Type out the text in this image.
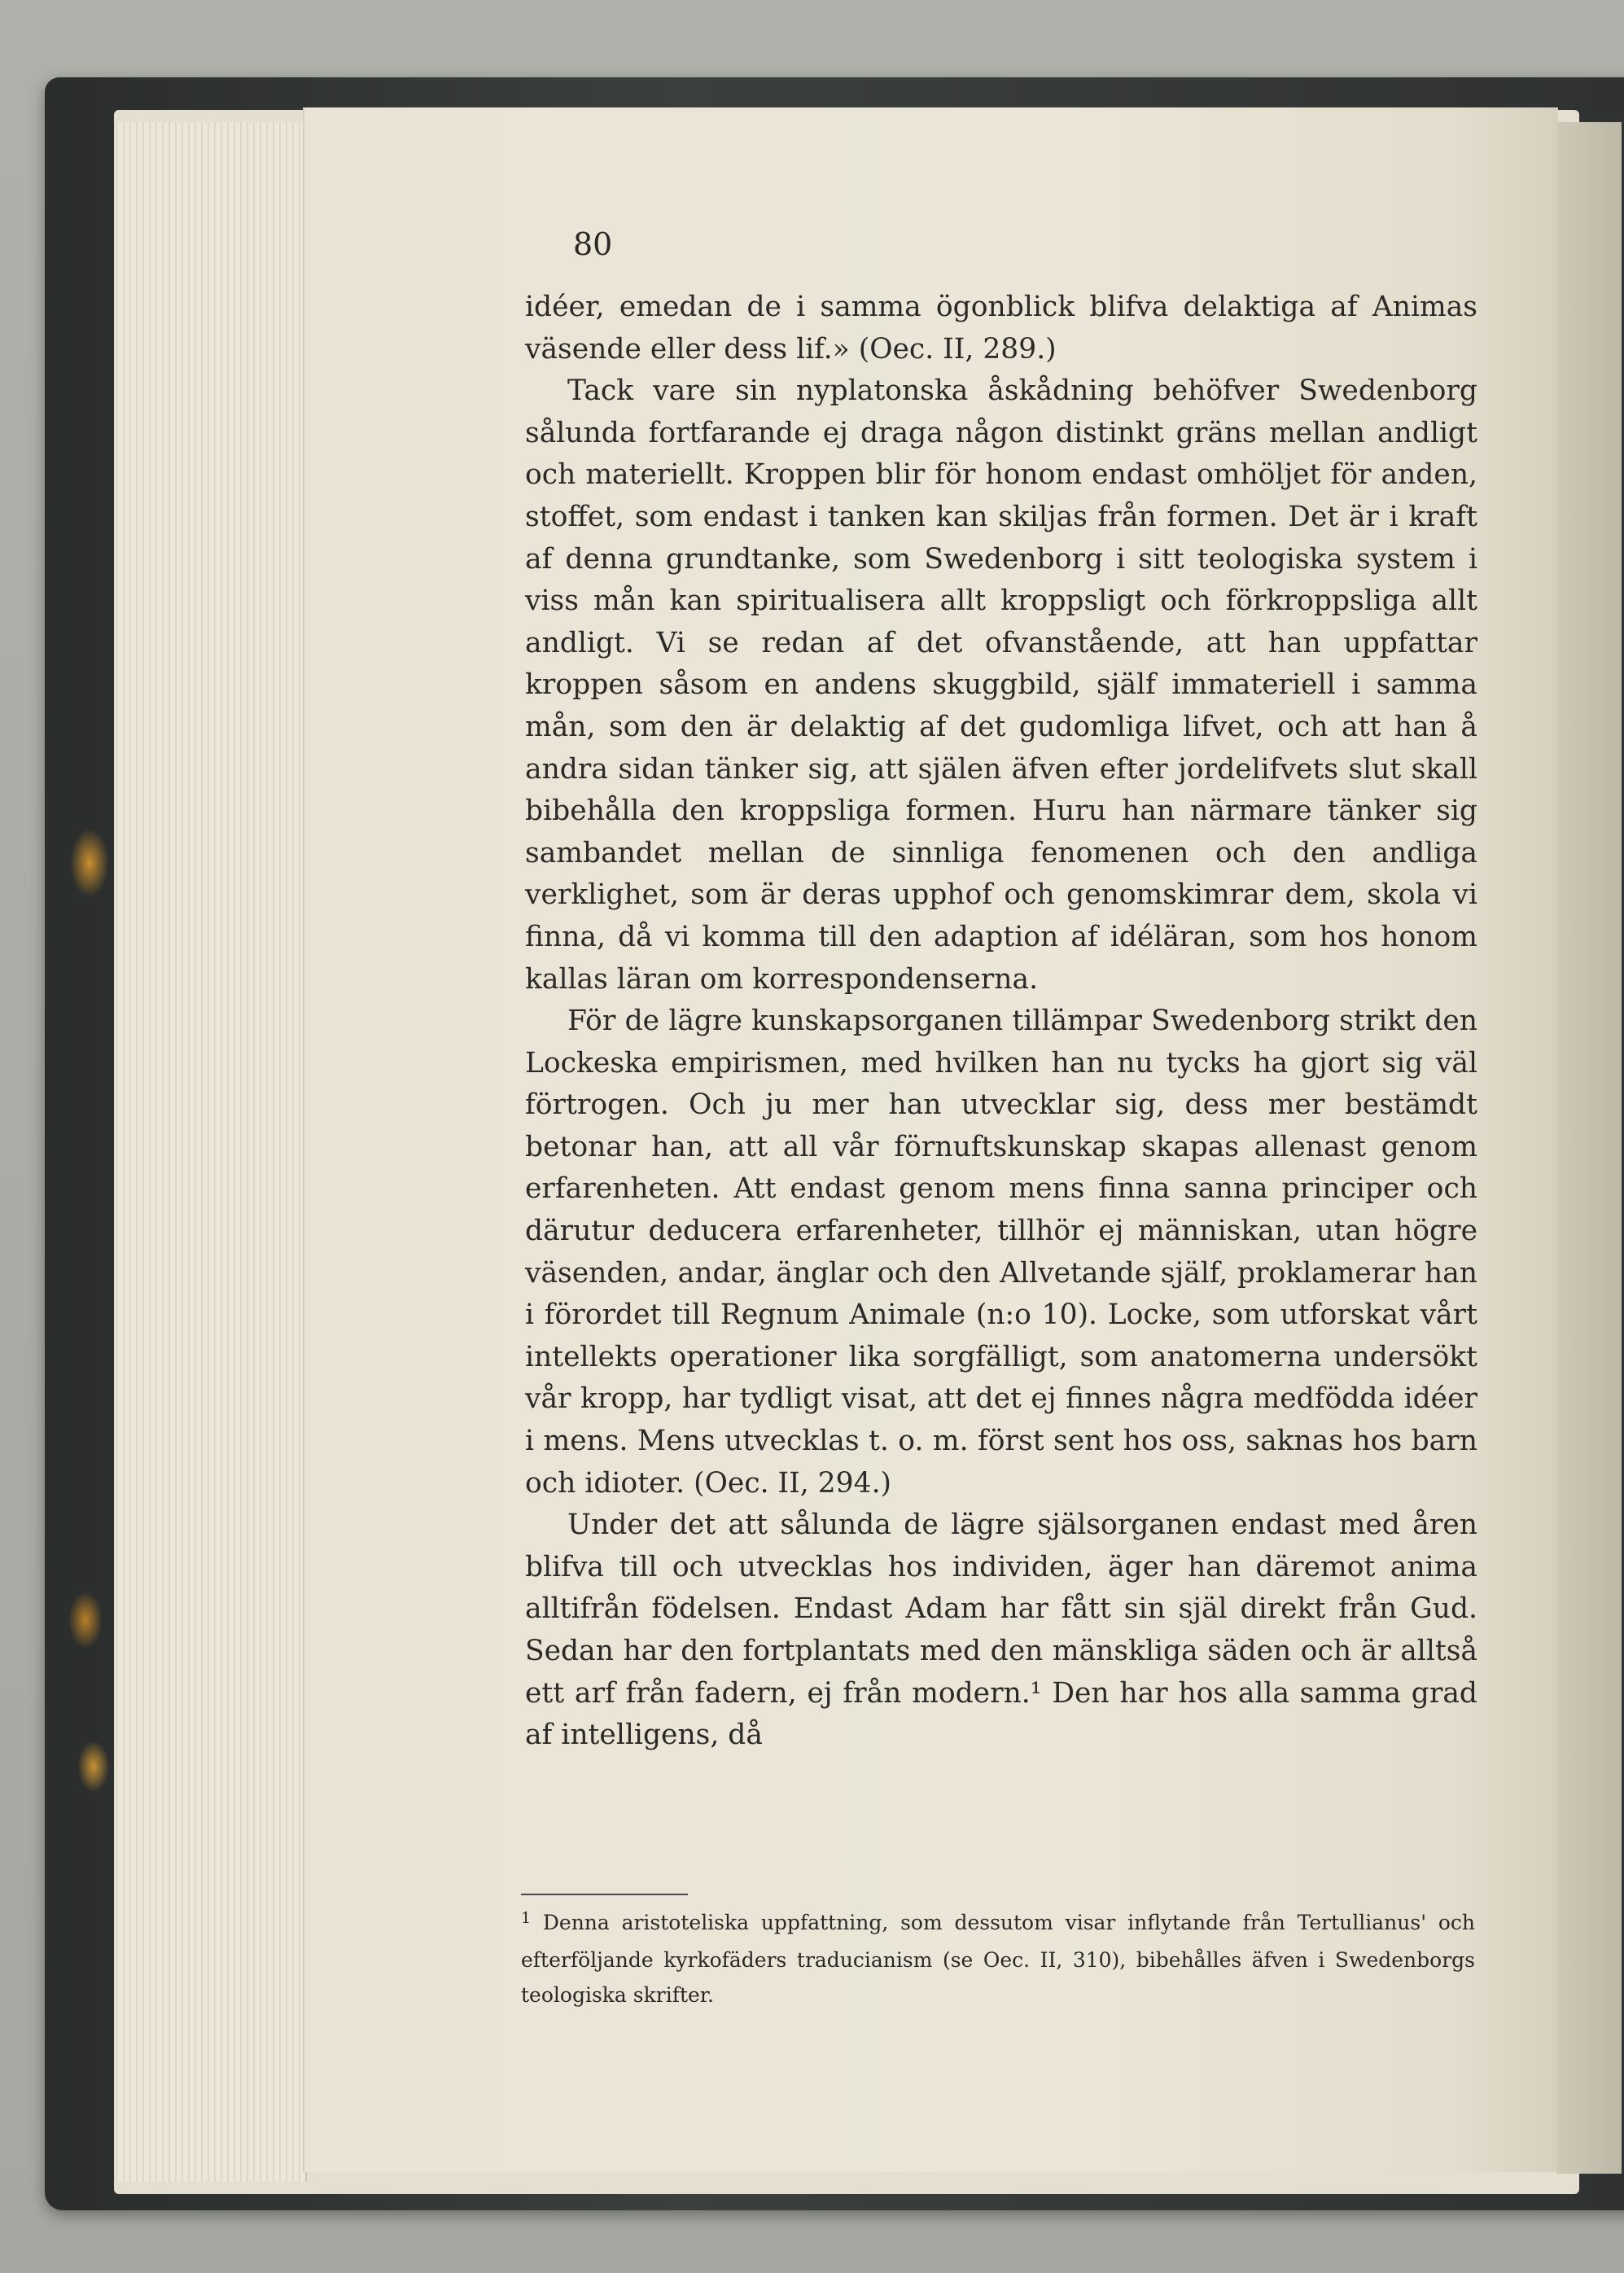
80

idéer, emedan de i samma ögonblick blifva delaktiga af Animas väsende eller dess lif.» (Oec. II, 289.)

Tack vare sin nyplatonska åskådning behöfver Swedenborg sålunda fortfarande ej draga någon distinkt gräns mellan andligt och materiellt. Kroppen blir för honom endast omhöljet för anden, stoffet, som endast i tanken kan skiljas från formen. Det är i kraft af denna grundtanke, som Swedenborg i sitt teologiska system i viss mån kan spiritualisera allt kroppsligt och förkroppsliga allt andligt. Vi se redan af det ofvanstående, att han uppfattar kroppen såsom en andens skuggbild, själf immateriell i samma mån, som den är delaktig af det gudomliga lifvet, och att han å andra sidan tänker sig, att själen äfven efter jordelifvets slut skall bibehålla den kroppsliga formen. Huru han närmare tänker sig sambandet mellan de sinnliga fenomenen och den andliga verklighet, som är deras upphof och genomskimrar dem, skola vi finna, då vi komma till den adaption af idéläran, som hos honom kallas läran om korrespondenserna.

För de lägre kunskapsorganen tillämpar Swedenborg strikt den Lockeska empirismen, med hvilken han nu tycks ha gjort sig väl förtrogen. Och ju mer han utvecklar sig, dess mer bestämdt betonar han, att all vår förnuftskunskap skapas allenast genom erfarenheten. Att endast genom mens finna sanna principer och därutur deducera erfarenheter, tillhör ej människan, utan högre väsenden, andar, änglar och den Allvetande själf, proklamerar han i förordet till Regnum Animale (n:o 10). Locke, som utforskat vårt intellekts operationer lika sorgfälligt, som anatomerna undersökt vår kropp, har tydligt visat, att det ej finnes några medfödda idéer i mens. Mens utvecklas t. o. m. först sent hos oss, saknas hos barn och idioter. (Oec. II, 294.)

Under det att sålunda de lägre själsorganen endast med åren blifva till och utvecklas hos individen, äger han däremot anima alltifrån födelsen. Endast Adam har fått sin själ direkt från Gud. Sedan har den fortplantats med den mänskliga säden och är alltså ett arf från fadern, ej från modern.¹ Den har hos alla samma grad af intelligens, då

$^1$ Denna aristoteliska uppfattning, som dessutom visar inflytande från Tertullianus' och efterföljande kyrkofäders traducianism (se Oec. II, 310), bibehålles äfven i Swedenborgs teologiska skrifter.
